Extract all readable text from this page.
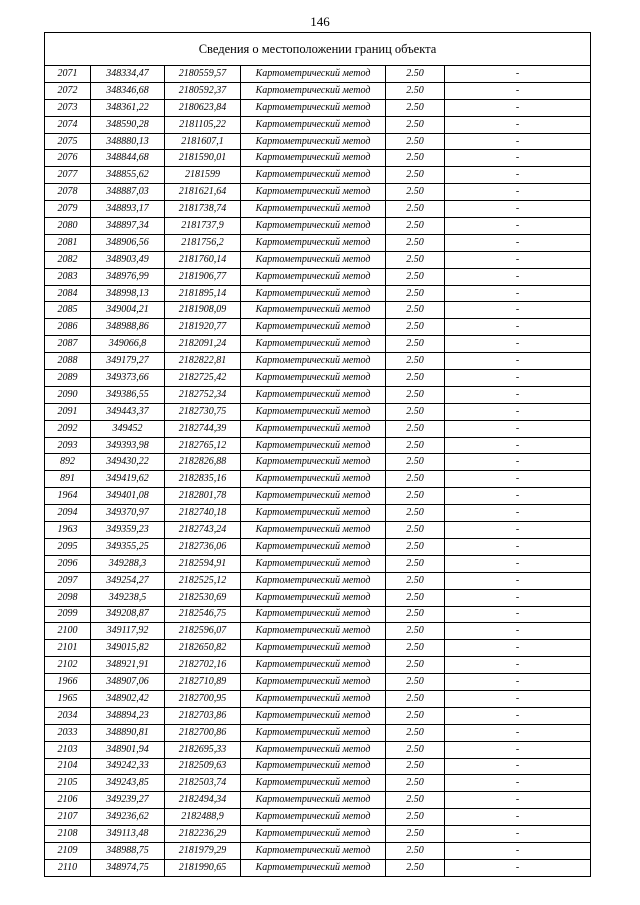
146
Сведения о местоположении границ объекта					
2071	348334,47	2180559,57	Картометрический метод	2.50	-
2072	348346,68	2180592,37	Картометрический метод	2.50	-
2073	348361,22	2180623,84	Картометрический метод	2.50	-
2074	348590,28	2181105,22	Картометрический метод	2.50	-
2075	348880,13	2181607,1	Картометрический метод	2.50	-
2076	348844,68	2181590,01	Картометрический метод	2.50	-
2077	348855,62	2181599	Картометрический метод	2.50	-
2078	348887,03	2181621,64	Картометрический метод	2.50	-
2079	348893,17	2181738,74	Картометрический метод	2.50	-
2080	348897,34	2181737,9	Картометрический метод	2.50	-
2081	348906,56	2181756,2	Картометрический метод	2.50	-
2082	348903,49	2181760,14	Картометрический метод	2.50	-
2083	348976,99	2181906,77	Картометрический метод	2.50	-
2084	348998,13	2181895,14	Картометрический метод	2.50	-
2085	349004,21	2181908,09	Картометрический метод	2.50	-
2086	348988,86	2181920,77	Картометрический метод	2.50	-
2087	349066,8	2182091,24	Картометрический метод	2.50	-
2088	349179,27	2182822,81	Картометрический метод	2.50	-
2089	349373,66	2182725,42	Картометрический метод	2.50	-
2090	349386,55	2182752,34	Картометрический метод	2.50	-
2091	349443,37	2182730,75	Картометрический метод	2.50	-
2092	349452	2182744,39	Картометрический метод	2.50	-
2093	349393,98	2182765,12	Картометрический метод	2.50	-
892	349430,22	2182826,88	Картометрический метод	2.50	-
891	349419,62	2182835,16	Картометрический метод	2.50	-
1964	349401,08	2182801,78	Картометрический метод	2.50	-
2094	349370,97	2182740,18	Картометрический метод	2.50	-
1963	349359,23	2182743,24	Картометрический метод	2.50	-
2095	349355,25	2182736,06	Картометрический метод	2.50	-
2096	349288,3	2182594,91	Картометрический метод	2.50	-
2097	349254,27	2182525,12	Картометрический метод	2.50	-
2098	349238,5	2182530,69	Картометрический метод	2.50	-
2099	349208,87	2182546,75	Картометрический метод	2.50	-
2100	349117,92	2182596,07	Картометрический метод	2.50	-
2101	349015,82	2182650,82	Картометрический метод	2.50	-
2102	348921,91	2182702,16	Картометрический метод	2.50	-
1966	348907,06	2182710,89	Картометрический метод	2.50	-
1965	348902,42	2182700,95	Картометрический метод	2.50	-
2034	348894,23	2182703,86	Картометрический метод	2.50	-
2033	348890,81	2182700,86	Картометрический метод	2.50	-
2103	348901,94	2182695,33	Картометрический метод	2.50	-
2104	349242,33	2182509,63	Картометрический метод	2.50	-
2105	349243,85	2182503,74	Картометрический метод	2.50	-
2106	349239,27	2182494,34	Картометрический метод	2.50	-
2107	349236,62	2182488,9	Картометрический метод	2.50	-
2108	349113,48	2182236,29	Картометрический метод	2.50	-
2109	348988,75	2181979,29	Картометрический метод	2.50	-
2110	348974,75	2181990,65	Картометрический метод	2.50	-
